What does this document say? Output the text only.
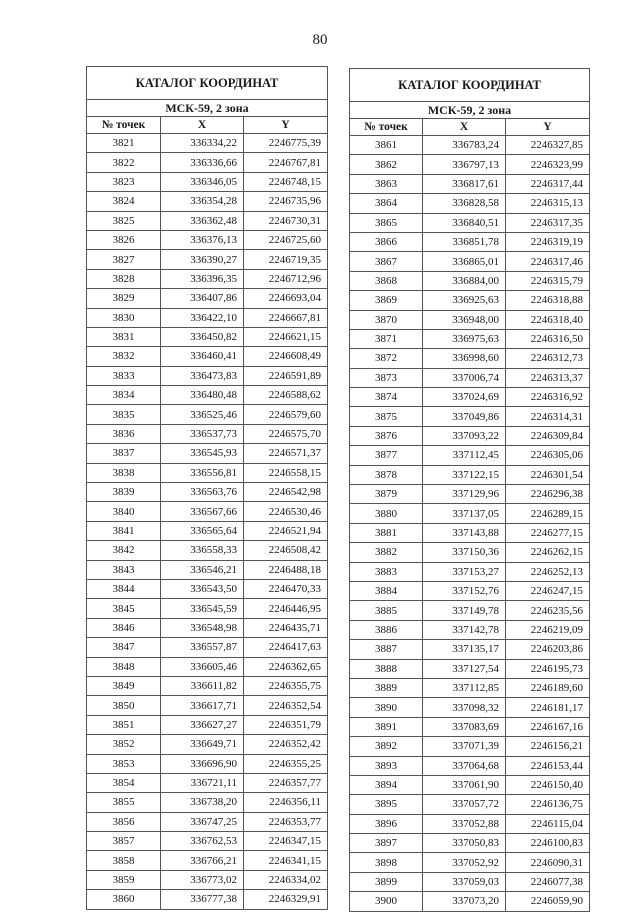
80
КАТАЛОГ КООРДИНАТ		
МСК-59, 2 зона		
№ точек	X	Y
3821	336334,22	2246775,39
3822	336336,66	2246767,81
3823	336346,05	2246748,15
3824	336354,28	2246735,96
3825	336362,48	2246730,31
3826	336376,13	2246725,60
3827	336390,27	2246719,35
3828	336396,35	2246712,96
3829	336407,86	2246693,04
3830	336422,10	2246667,81
3831	336450,82	2246621,15
3832	336460,41	2246608,49
3833	336473,83	2246591,89
3834	336480,48	2246588,62
3835	336525,46	2246579,60
3836	336537,73	2246575,70
3837	336545,93	2246571,37
3838	336556,81	2246558,15
3839	336563,76	2246542,98
3840	336567,66	2246530,46
3841	336565,64	2246521,94
3842	336558,33	2246508,42
3843	336546,21	2246488,18
3844	336543,50	2246470,33
3845	336545,59	2246446,95
3846	336548,98	2246435,71
3847	336557,87	2246417,63
3848	336605,46	2246362,65
3849	336611,82	2246355,75
3850	336617,71	2246352,54
3851	336627,27	2246351,79
3852	336649,71	2246352,42
3853	336696,90	2246355,25
3854	336721,11	2246357,77
3855	336738,20	2246356,11
3856	336747,25	2246353,77
3857	336762,53	2246347,15
3858	336766,21	2246341,15
3859	336773,02	2246334,02
3860	336777,38	2246329,91
КАТАЛОГ КООРДИНАТ		
МСК-59, 2 зона		
№ точек	X	Y
3861	336783,24	2246327,85
3862	336797,13	2246323,99
3863	336817,61	2246317,44
3864	336828,58	2246315,13
3865	336840,51	2246317,35
3866	336851,78	2246319,19
3867	336865,01	2246317,46
3868	336884,00	2246315,79
3869	336925,63	2246318,88
3870	336948,00	2246318,40
3871	336975,63	2246316,50
3872	336998,60	2246312,73
3873	337006,74	2246313,37
3874	337024,69	2246316,92
3875	337049,86	2246314,31
3876	337093,22	2246309,84
3877	337112,45	2246305,06
3878	337122,15	2246301,54
3879	337129,96	2246296,38
3880	337137,05	2246289,15
3881	337143,88	2246277,15
3882	337150,36	2246262,15
3883	337153,27	2246252,13
3884	337152,76	2246247,15
3885	337149,78	2246235,56
3886	337142,78	2246219,09
3887	337135,17	2246203,86
3888	337127,54	2246195,73
3889	337112,85	2246189,60
3890	337098,32	2246181,17
3891	337083,69	2246167,16
3892	337071,39	2246156,21
3893	337064,68	2246153,44
3894	337061,90	2246150,40
3895	337057,72	2246136,75
3896	337052,88	2246115,04
3897	337050,83	2246100,83
3898	337052,92	2246090,31
3899	337059,03	2246077,38
3900	337073,20	2246059,90
